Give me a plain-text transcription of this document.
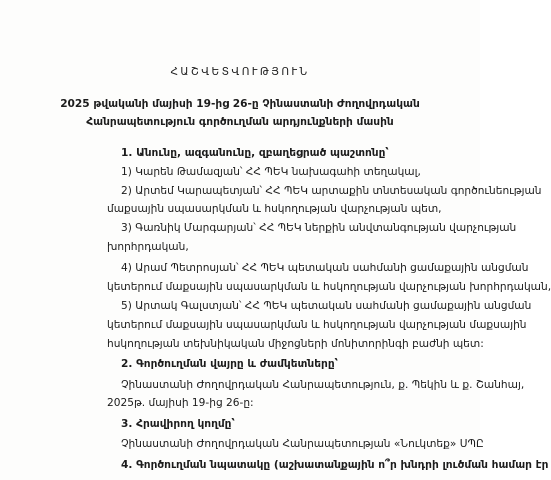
ՀԱՇՎԵՏՎՈՒԹՅՈՒՆ
2025 թվականի մայիսի 19-ից 26-ը Չինաստանի Ժողովրդական
Հանրապետություն գործուղման արդյունքների մասին
1. Անունը, ազգանունը, զբաղեցրած պաշտոնը՝
1) Կարեն Թամազյան՝ ՀՀ ՊԵԿ նախագահի տեղակալ,
2) Արտեմ Կարապետյան՝ ՀՀ ՊԵԿ արտաքին տնտեսական գործունեության
մաքսային սպասարկման և հսկողության վարչության պետ,
3) Գառնիկ Մարգարյան՝ ՀՀ ՊԵԿ ներքին անվտանգության վարչության
խորհրդական,
4) Արամ Պետրոսյան՝ ՀՀ ՊԵԿ պետական սահմանի ցամաքային անցման
կետերում մաքսային սպասարկման և հսկողության վարչության խորհրդական,
5) Արտակ Գալստյան՝ ՀՀ ՊԵԿ պետական սահմանի ցամաքային անցման
կետերում մաքսային սպասարկման և հսկողության վարչության մաքսային
հսկողության տեխնիկական միջոցների մոնիտորինգի բաժնի պետ:
2. Գործուղման վայրը և ժամկետները՝
Չինաստանի Ժողովրդական Հանրապետություն, ք. Պեկին և ք. Շանհայ,
2025թ. մայիսի 19-ից 26-ը:
3. Հրավիրող կողմը՝
Չինաստանի Ժողովրդական Հանրապետության «Նուկտեք» ՍՊԸ
4. Գործուղման նպատակը (աշխատանքային ո՞ր խնդրի լուծման համար էր
